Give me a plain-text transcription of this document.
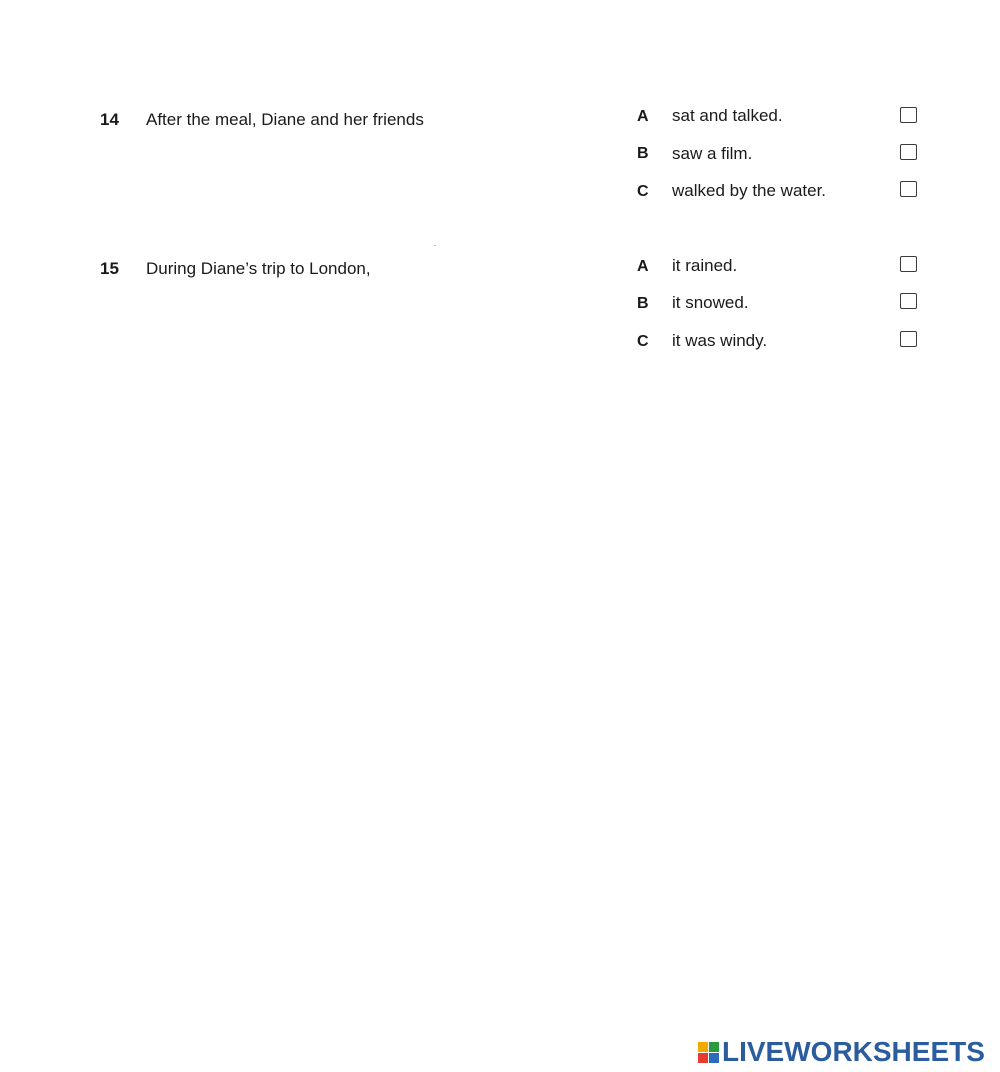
14 After the meal, Diane and her friends	A sat and talked.
B saw a film.
C walked by the water.
15 During Diane’s trip to London,	A it rained.
B it snowed.
C it was windy.
LIVEWORKSHEETS
